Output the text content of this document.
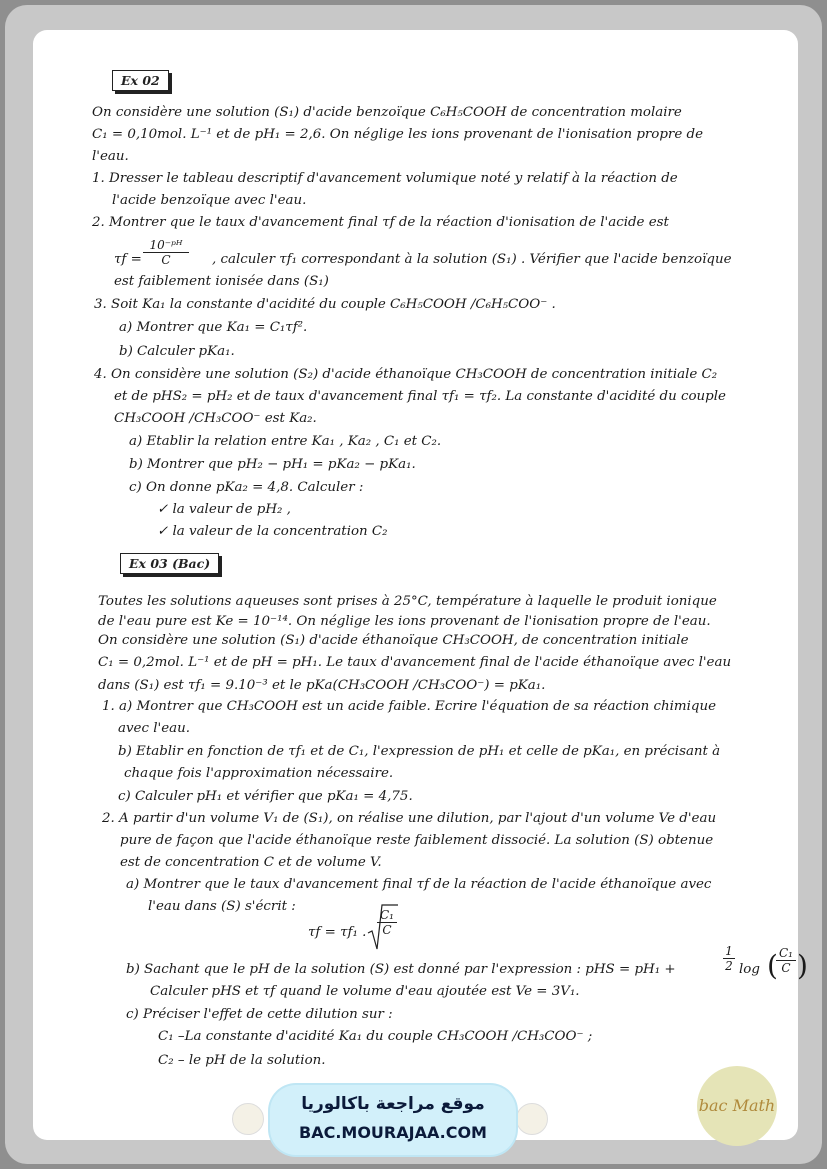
Ex 02
On considère une solution (S₁) d'acide benzoïque C₆H₅COOH de concentration molaire
C₁ = 0,10mol. L⁻¹ et de pH₁ = 2,6. On néglige les ions provenant de l'ionisation propre de
l'eau.
1. Dresser le tableau descriptif d'avancement volumique noté y relatif à la réaction de
l'acide benzoïque avec l'eau.
2. Montrer que le taux d'avancement final τf de la réaction d'ionisation de l'acide est
$\tau f = \frac{\text{10⁻ᵖᴴ}}{C}$ , calculer τf₁ correspondant à la solution (S₁) . Vérifier que l'acide benzoïque
est faiblement ionisée dans (S₁)
3. Soit Ka₁ la constante d'acidité du couple C₆H₅COOH /C₆H₅COO⁻ .
a) Montrer que Ka₁ = C₁τf².
b) Calculer pKa₁.
4. On considère une solution (S₂) d'acide éthanoïque CH₃COOH de concentration initiale C₂
et de pHS₂ = pH₂ et de taux d'avancement final τf₁ = τf₂. La constante d'acidité du couple
CH₃COOH /CH₃COO⁻ est Ka₂.
a) Etablir la relation entre Ka₁ , Ka₂ , C₁ et C₂.
b) Montrer que pH₂ − pH₁ = pKa₂ − pKa₁.
c) On donne pKa₂ = 4,8. Calculer :
✓ la valeur de pH₂ ,
✓ la valeur de la concentration C₂
Ex 03 (Bac)
Toutes les solutions aqueuses sont prises à 25°C, température à laquelle le produit ionique
de l'eau pure est Ke = 10⁻¹⁴. On néglige les ions provenant de l'ionisation propre de l'eau.
On considère une solution (S₁) d'acide éthanoïque CH₃COOH, de concentration initiale
C₁ = 0,2mol. L⁻¹ et de pH = pH₁. Le taux d'avancement final de l'acide éthanoïque avec l'eau
dans (S₁) est τf₁ = 9.10⁻³ et le pKa(CH₃COOH /CH₃COO⁻) = pKa₁.
1. a) Montrer que CH₃COOH est un acide faible. Ecrire l'équation de sa réaction chimique
avec l'eau.
b) Etablir en fonction de τf₁ et de C₁, l'expression de pH₁ et celle de pKa₁, en précisant à
chaque fois l'approximation nécessaire.
c) Calculer pH₁ et vérifier que pKa₁ = 4,75.
2. A partir d'un volume V₁ de (S₁), on réalise une dilution, par l'ajout d'un volume Ve d'eau
pure de façon que l'acide éthanoïque reste faiblement dissocié. La solution (S) obtenue
est de concentration C et de volume V.
a) Montrer que le taux d'avancement final τf de la réaction de l'acide éthanoïque avec
l'eau dans (S) s'écrit :
τf = τf₁ . $\frac{\text{C₁}}{C}$
b) Sachant que le pH de la solution (S) est donné par l'expression : pHS = pH₁ +	$\frac{1}{2}$ log (
$\frac{\text{C₁}}{C}$ )
Calculer pHS et τf quand le volume d'eau ajoutée est Ve = 3V₁.
c) Préciser l'effet de cette dilution sur :
C₁ –La constante d'acidité Ka₁ du couple CH₃COOH /CH₃COO⁻ ;
C₂ – le pH de la solution.
موقع مراجعة باكالوريا
BAC.MOURAJAA.COM
bac Math
